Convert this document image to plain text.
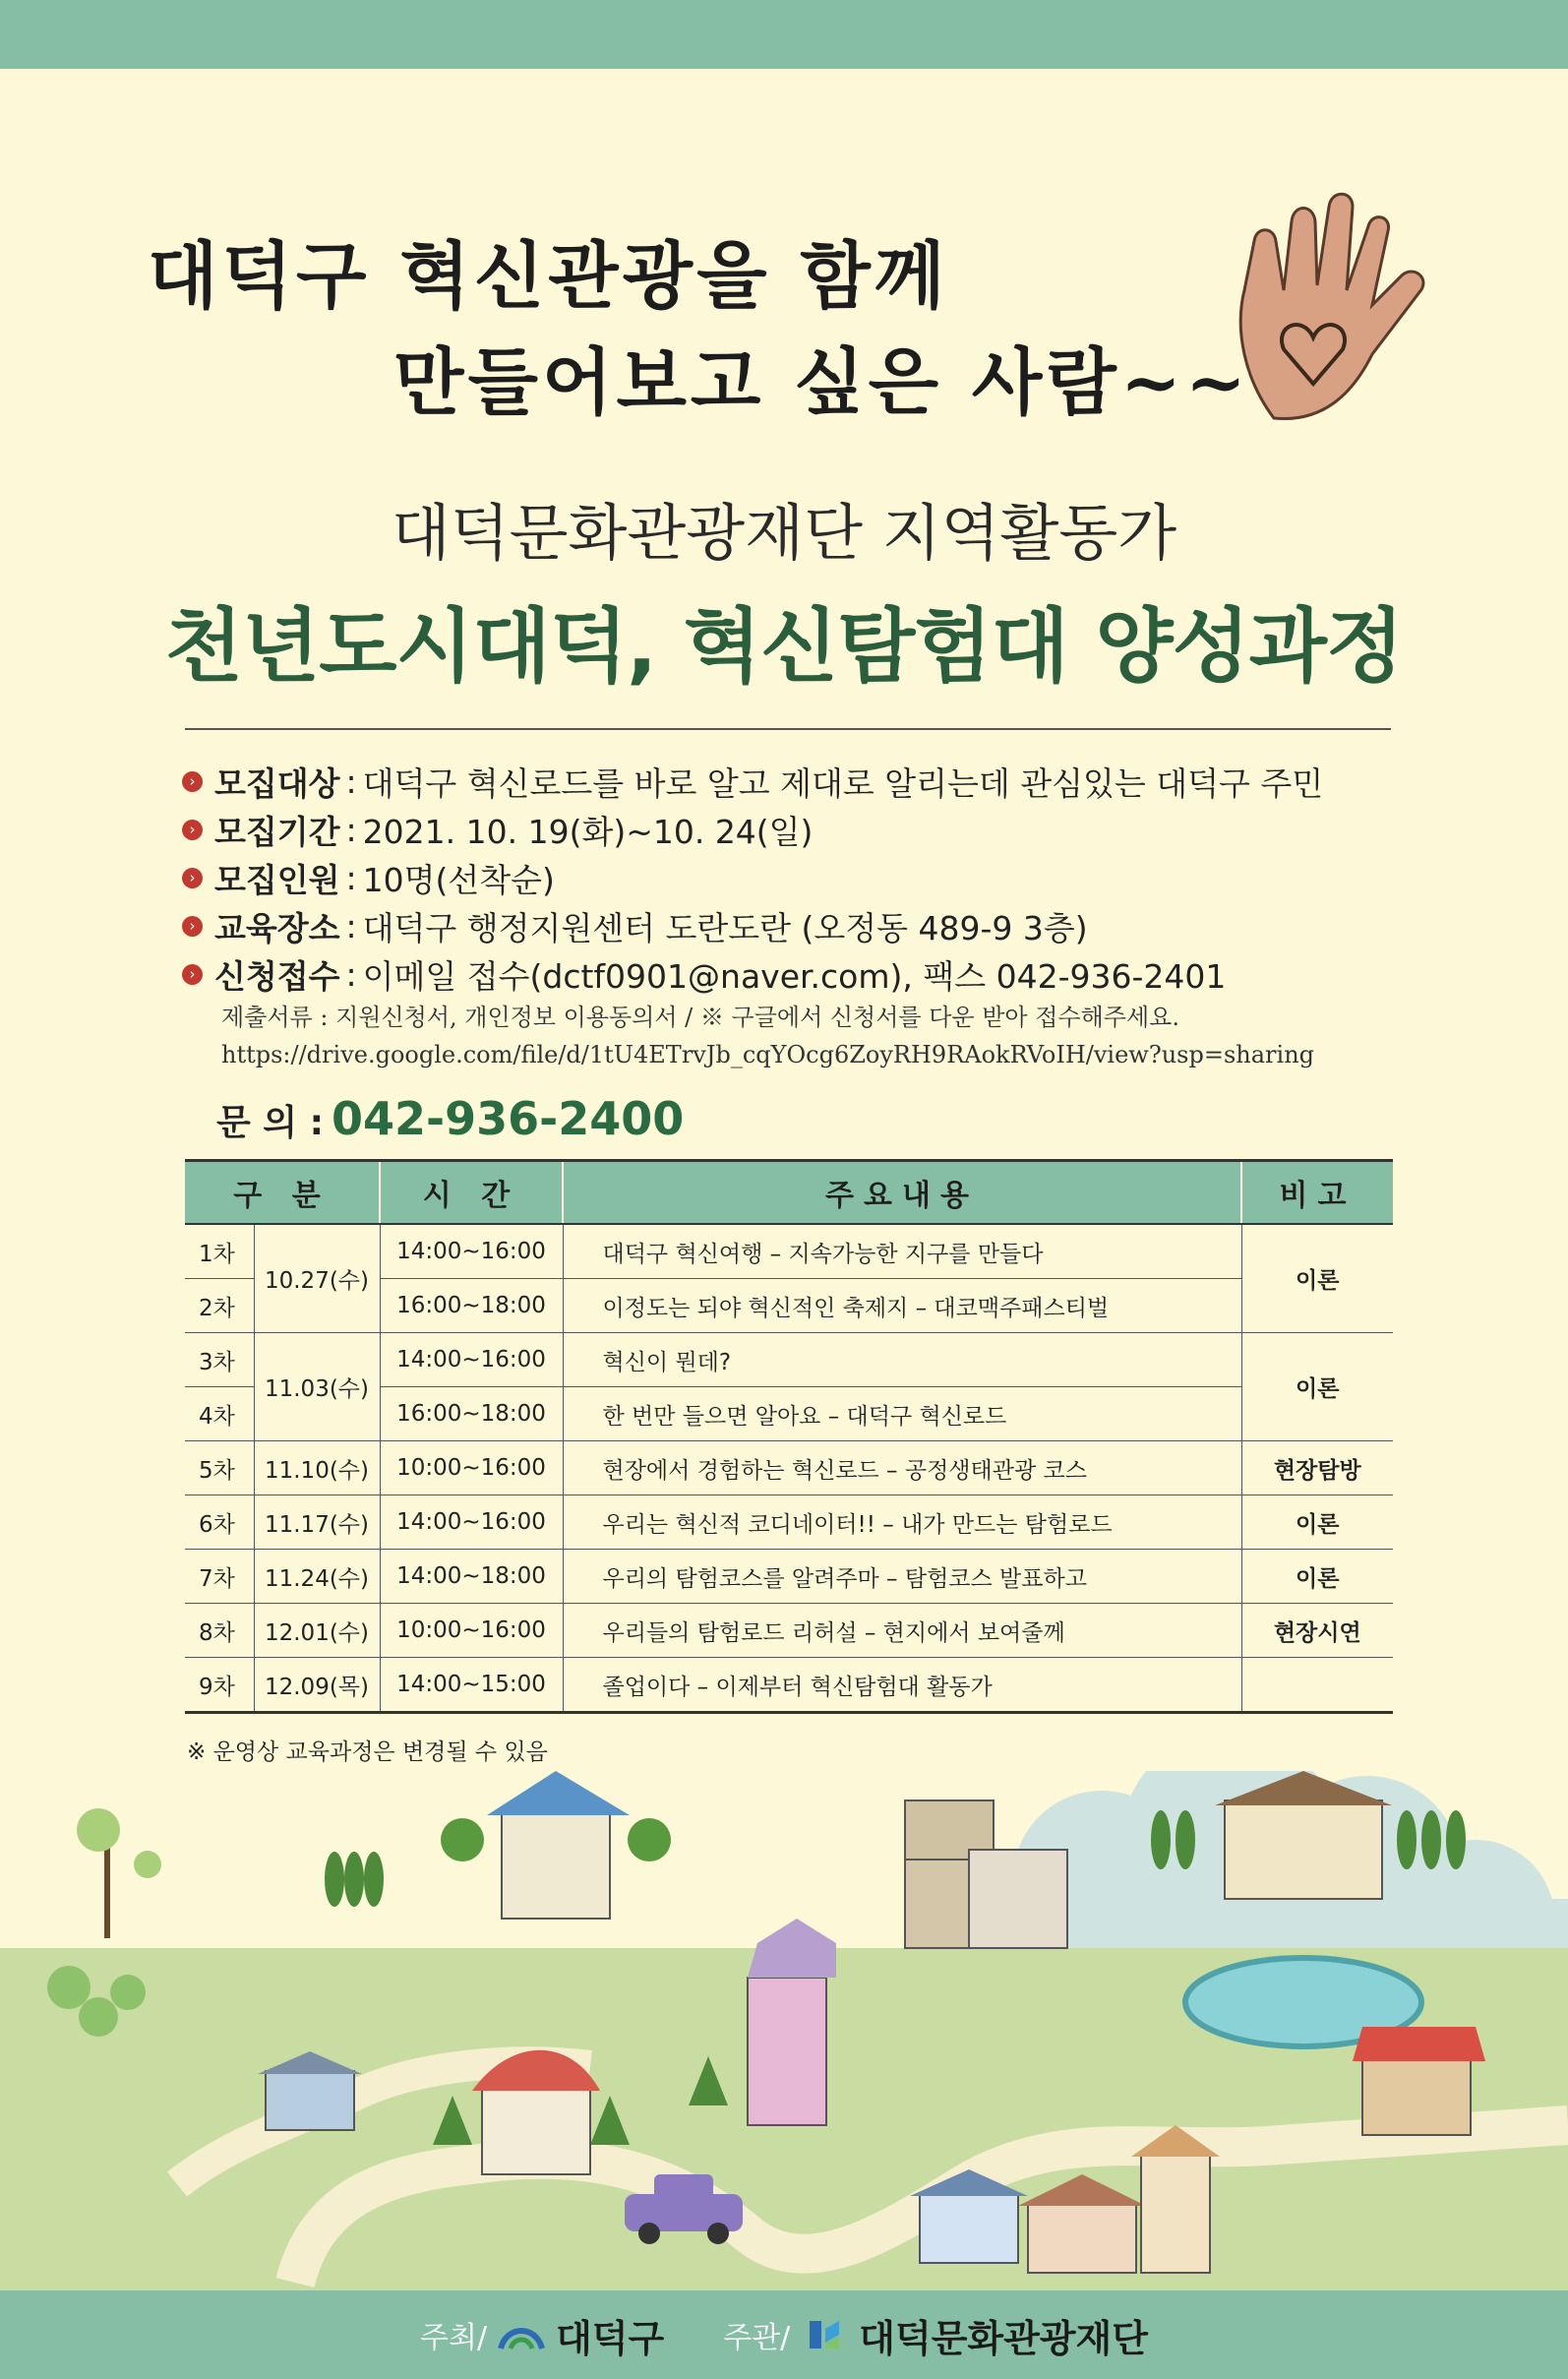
대덕구 혁신관광을 함께
만들어보고 싶은 사람~~
대덕문화관광재단 지역활동가
천년도시대덕, 혁신탐험대 양성과정
› 모집대상 : 대덕구 혁신로드를 바로 알고 제대로 알리는데 관심있는 대덕구 주민
› 모집기간 : 2021. 10. 19(화)~10. 24(일)
› 모집인원 : 10명(선착순)
› 교육장소 : 대덕구 행정지원센터 도란도란 (오정동 489-9 3층)
› 신청접수 : 이메일 접수(dctf0901@naver.com), 팩스 042-936-2401
제출서류 : 지원신청서, 개인정보 이용동의서 / ※ 구글에서 신청서를 다운 받아 접수해주세요.
https://drive.google.com/file/d/1tU4ETrvJb_cqYOcg6ZoyRH9RAokRVoIH/view?usp=sharing
문 의 : 042-936-2400
구 분		시 간	주요내용	비고
1차	10.27(수)	14:00~16:00	대덕구 혁신여행 – 지속가능한 지구를 만들다	이론
2차		16:00~18:00	이정도는 되야 혁신적인 축제지 – 대코맥주패스티벌	
3차	11.03(수)	14:00~16:00	혁신이 뭔데?	이론
4차		16:00~18:00	한 번만 들으면 알아요 – 대덕구 혁신로드	
5차	11.10(수)	10:00~16:00	현장에서 경험하는 혁신로드 – 공정생태관광 코스	현장탐방
6차	11.17(수)	14:00~16:00	우리는 혁신적 코디네이터!! – 내가 만드는 탐험로드	이론
7차	11.24(수)	14:00~18:00	우리의 탐험코스를 알려주마 – 탐험코스 발표하고	이론
8차	12.01(수)	10:00~16:00	우리들의 탐험로드 리허설 – 현지에서 보여줄께	현장시연
9차	12.09(목)	14:00~15:00	졸업이다 – 이제부터 혁신탐험대 활동가	
※ 운영상 교육과정은 변경될 수 있음
주최/ 대덕구 주관/ 대덕문화관광재단
